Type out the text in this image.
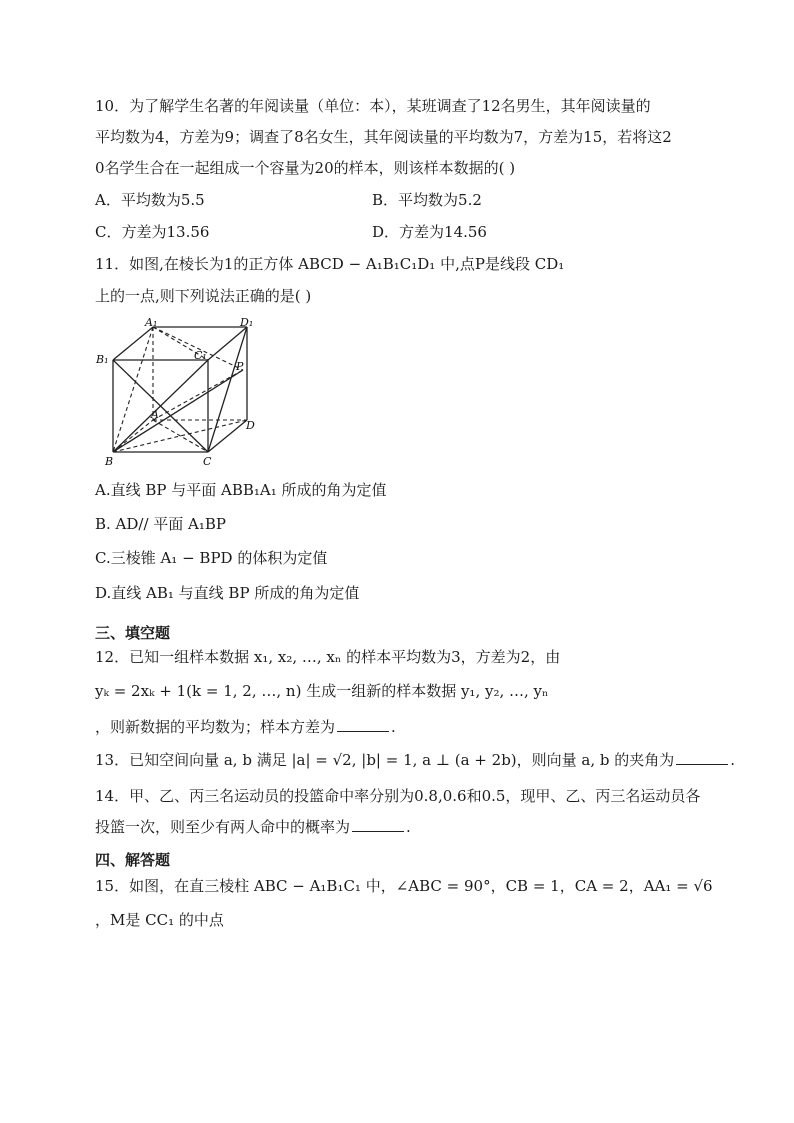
10．为了解学生名著的年阅读量（单位：本），某班调查了12名男生，其年阅读量的
平均数为4，方差为9；调查了8名女生，其年阅读量的平均数为7，方差为15，若将这2
0名学生合在一起组成一个容量为20的样本，则该样本数据的( )
A．平均数为5.5	B．平均数为5.2
C．方差为13.56	D．方差为14.56
11．如图,在棱长为1的正方体 ABCD − A₁B₁C₁D₁ 中,点P是线段 CD₁
上的一点,则下列说法正确的是( )
A₁	D₁
B₁	C₁
P
A
D
B	C
A.直线 BP 与平面 ABB₁A₁ 所成的角为定值
B. AD// 平面 A₁BP
C.三棱锥 A₁ − BPD 的体积为定值
D.直线 AB₁ 与直线 BP 所成的角为定值
三、填空题
12．已知一组样本数据 x₁, x₂, …, xₙ 的样本平均数为3，方差为2，由
yₖ = 2xₖ + 1(k = 1, 2, …, n) 生成一组新的样本数据 y₁, y₂, …, yₙ
，则新数据的平均数为；样本方差为	.
13．已知空间向量 a, b 满足 |a| = √2, |b| = 1, a ⊥ (a + 2b)，则向量 a, b 的夹角为	.
14．甲、乙、丙三名运动员的投篮命中率分别为0.8,0.6和0.5，现甲、乙、丙三名运动员各
投篮一次，则至少有两人命中的概率为	.
四、解答题
15．如图，在直三棱柱 ABC − A₁B₁C₁ 中，∠ABC = 90°，CB = 1，CA = 2，AA₁ = √6
，M是 CC₁ 的中点
